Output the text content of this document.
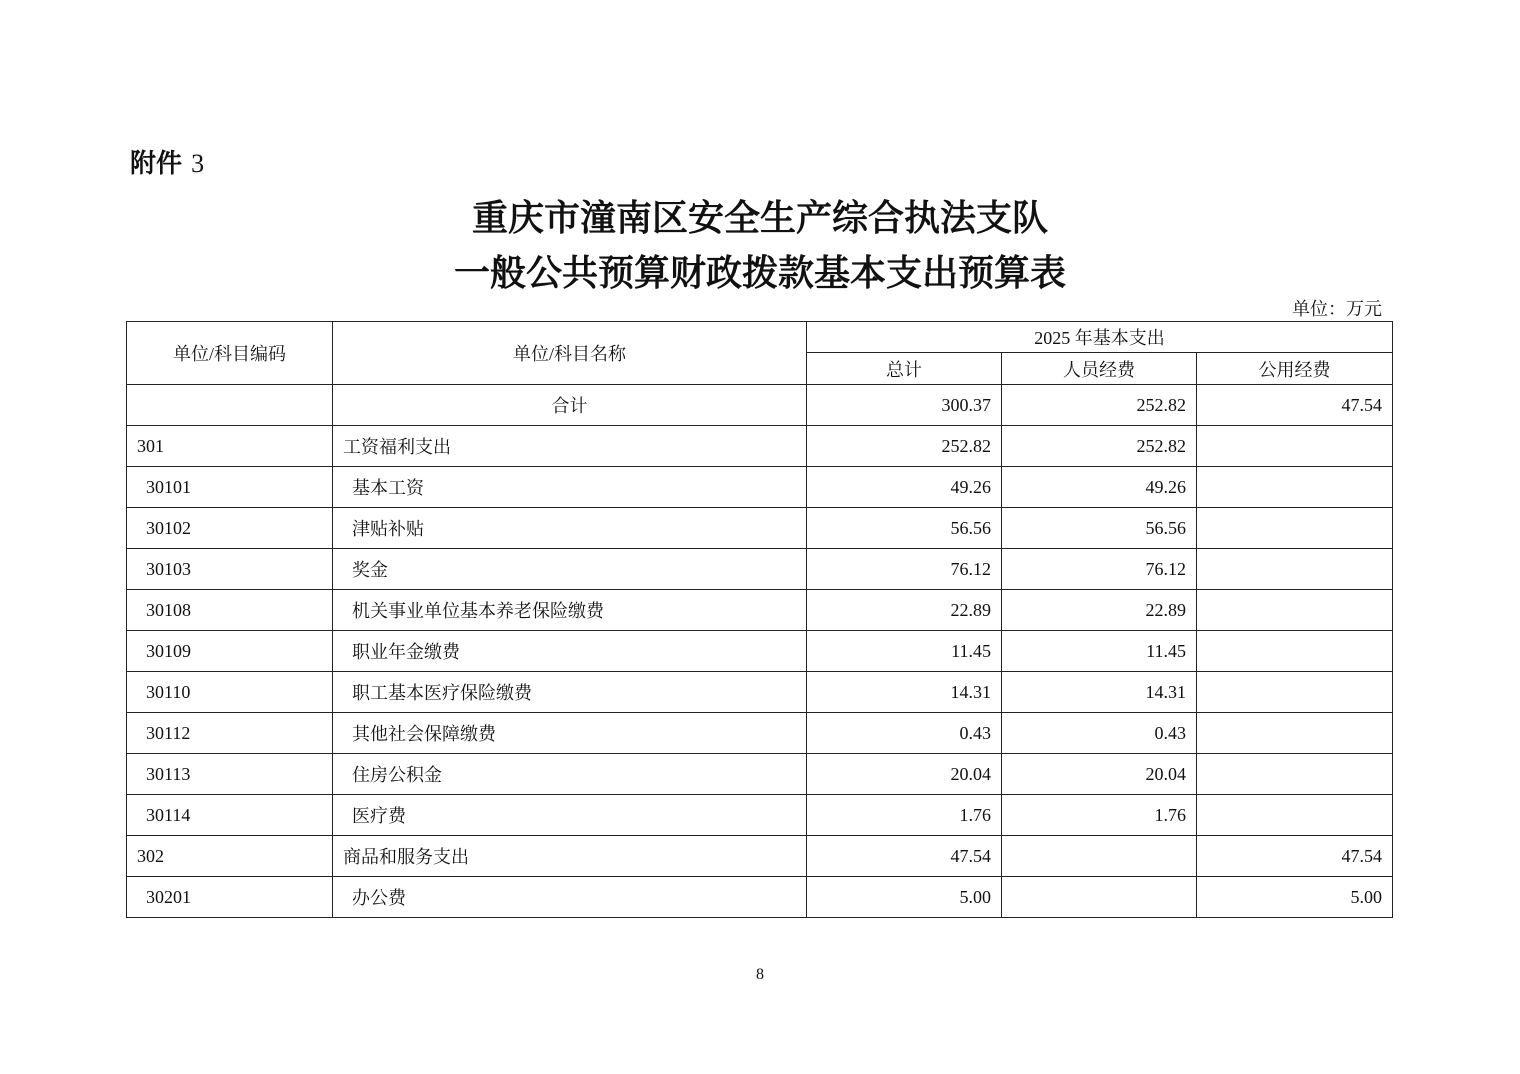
附件 3
重庆市潼南区安全生产综合执法支队
一般公共预算财政拨款基本支出预算表
单位：万元
单位/科目编码	单位/科目名称	2025 年基本支出		
		总计	人员经费	公用经费
	合计	300.37	252.82	47.54
301	工资福利支出	252.82	252.82	
30101	基本工资	49.26	49.26	
30102	津贴补贴	56.56	56.56	
30103	奖金	76.12	76.12	
30108	机关事业单位基本养老保险缴费	22.89	22.89	
30109	职业年金缴费	11.45	11.45	
30110	职工基本医疗保险缴费	14.31	14.31	
30112	其他社会保障缴费	0.43	0.43	
30113	住房公积金	20.04	20.04	
30114	医疗费	1.76	1.76	
302	商品和服务支出	47.54		47.54
30201	办公费	5.00		5.00
8
